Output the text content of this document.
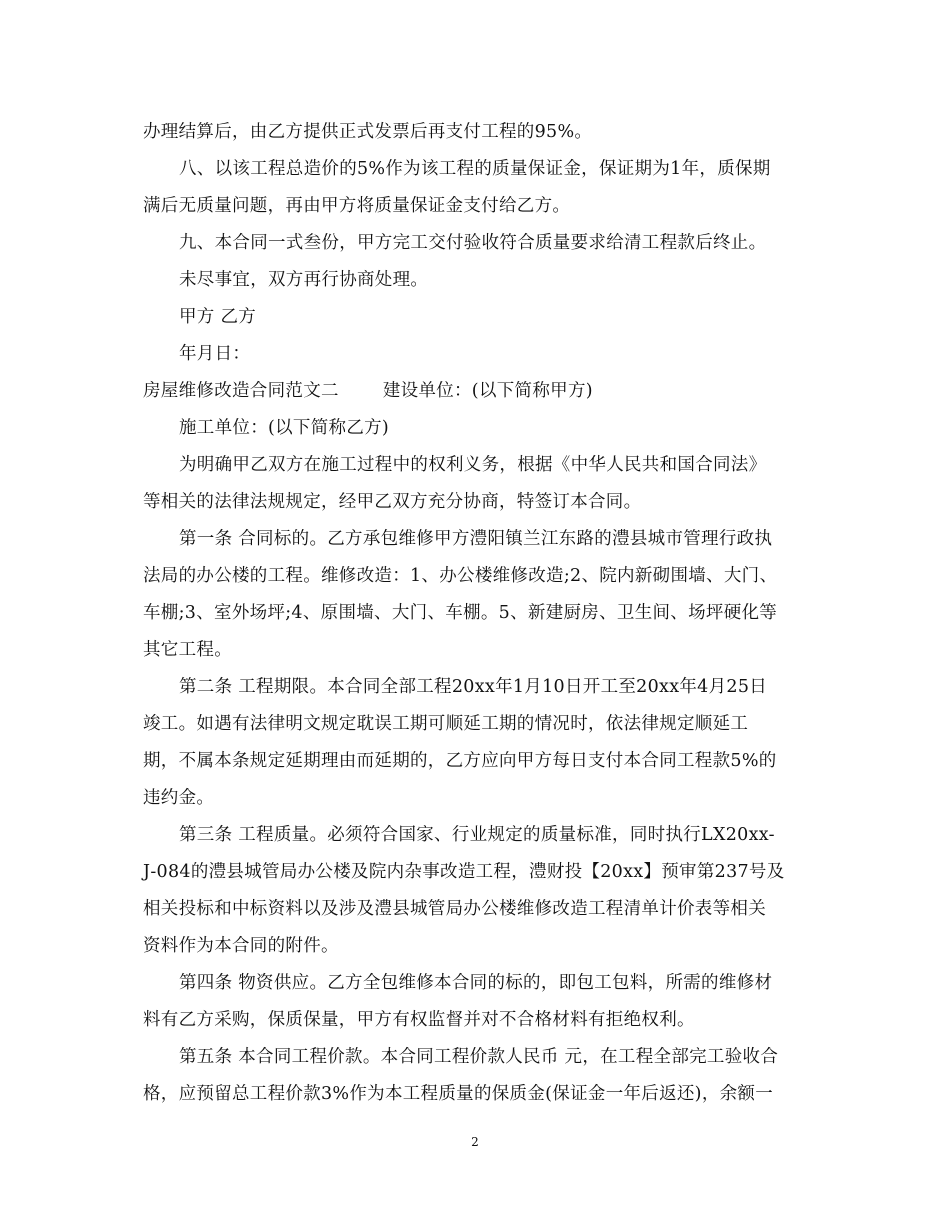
办理结算后，由乙方提供正式发票后再支付工程的95%。
八、以该工程总造价的5%作为该工程的质量保证金，保证期为1年，质保期
满后无质量问题，再由甲方将质量保证金支付给乙方。
九、本合同一式叁份，甲方完工交付验收符合质量要求给清工程款后终止。
未尽事宜，双方再行协商处理。
甲方 乙方
年月日：
房屋维修改造合同范文二	建设单位：(以下简称甲方)
施工单位：(以下简称乙方)
为明确甲乙双方在施工过程中的权利义务，根据《中华人民共和国合同法》
等相关的法律法规规定，经甲乙双方充分协商，特签订本合同。
第一条 合同标的。乙方承包维修甲方澧阳镇兰江东路的澧县城市管理行政执
法局的办公楼的工程。维修改造：1、办公楼维修改造;2、院内新砌围墙、大门、
车棚;3、室外场坪;4、原围墙、大门、车棚。5、新建厨房、卫生间、场坪硬化等
其它工程。
第二条 工程期限。本合同全部工程20xx年1月10日开工至20xx年4月25日
竣工。如遇有法律明文规定耽误工期可顺延工期的情况时，依法律规定顺延工
期，不属本条规定延期理由而延期的，乙方应向甲方每日支付本合同工程款5%的
违约金。
第三条 工程质量。必须符合国家、行业规定的质量标准，同时执行LX20xx-
J-084的澧县城管局办公楼及院内杂事改造工程，澧财投【20xx】预审第237号及
相关投标和中标资料以及涉及澧县城管局办公楼维修改造工程清单计价表等相关
资料作为本合同的附件。
第四条 物资供应。乙方全包维修本合同的标的，即包工包料，所需的维修材
料有乙方采购，保质保量，甲方有权监督并对不合格材料有拒绝权利。
第五条 本合同工程价款。本合同工程价款人民币 元，在工程全部完工验收合
格，应预留总工程价款3%作为本工程质量的保质金(保证金一年后返还)，余额一
2
